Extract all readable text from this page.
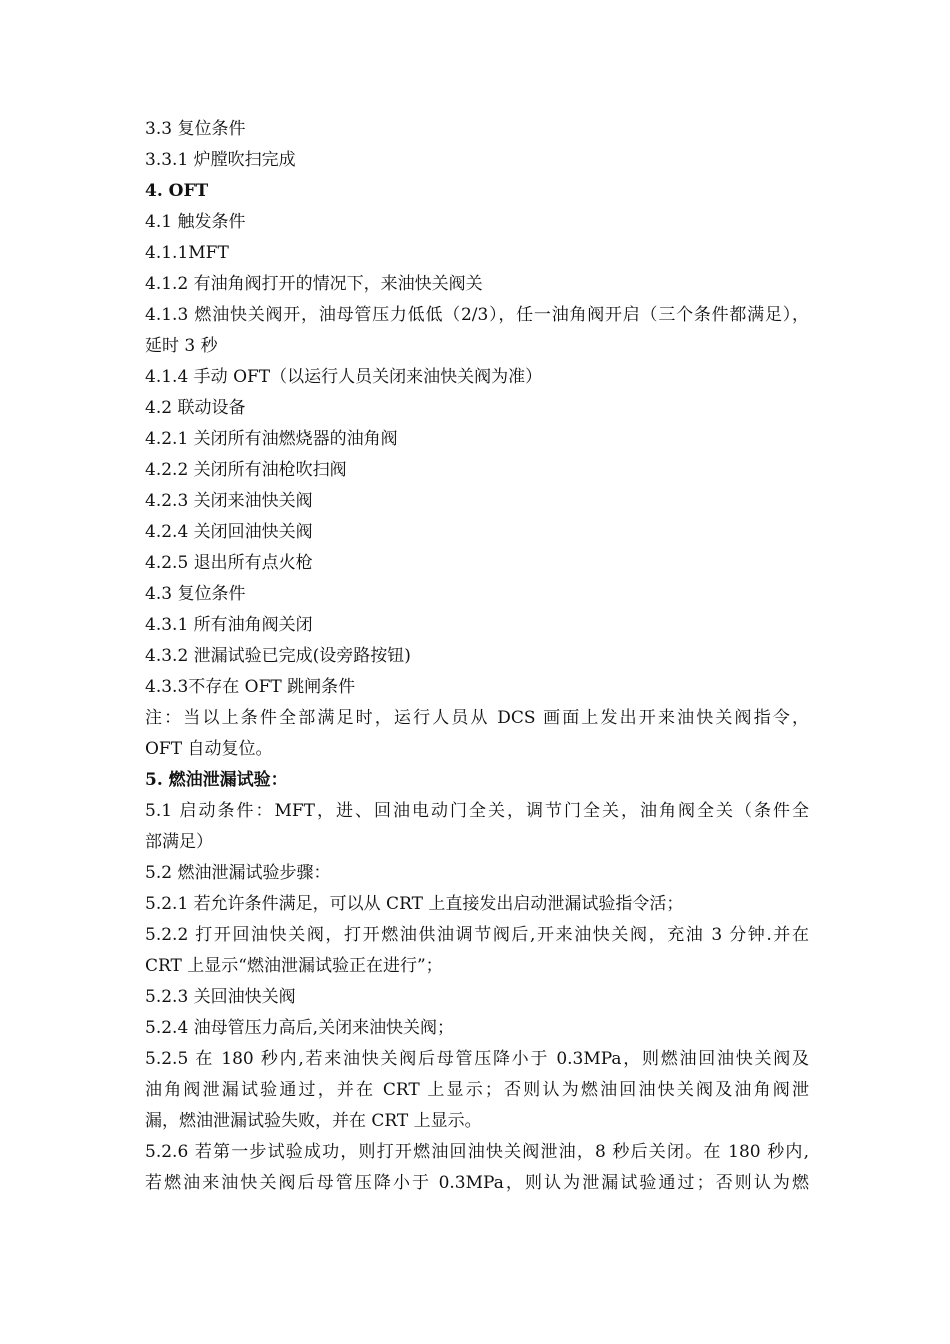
3.3 复位条件
3.3.1 炉膛吹扫完成
4. OFT
4.1 触发条件
4.1.1MFT
4.1.2 有油角阀打开的情况下，来油快关阀关
4.1.3 燃油快关阀开，油母管压力低低（2/3），任一油角阀开启（三个条件都满足），
延时 3 秒
4.1.4 手动 OFT（以运行人员关闭来油快关阀为准）
4.2 联动设备
4.2.1 关闭所有油燃烧器的油角阀
4.2.2 关闭所有油枪吹扫阀
4.2.3 关闭来油快关阀
4.2.4 关闭回油快关阀
4.2.5 退出所有点火枪
4.3 复位条件
4.3.1 所有油角阀关闭
4.3.2 泄漏试验已完成(设旁路按钮)
4.3.3不存在 OFT 跳闸条件
注：当以上条件全部满足时，运行人员从 DCS 画面上发出开来油快关阀指令，
OFT 自动复位。
5. 燃油泄漏试验：
5.1 启动条件：MFT，进、回油电动门全关，调节门全关，油角阀全关（条件全
部满足）
5.2 燃油泄漏试验步骤：
5.2.1 若允许条件满足，可以从 CRT 上直接发出启动泄漏试验指令活；
5.2.2 打开回油快关阀，打开燃油供油调节阀后,开来油快关阀，充油 3 分钟.并在
CRT 上显示“燃油泄漏试验正在进行”；
5.2.3 关回油快关阀
5.2.4 油母管压力高后,关闭来油快关阀；
5.2.5 在 180 秒内,若来油快关阀后母管压降小于 0.3MPa，则燃油回油快关阀及
油角阀泄漏试验通过，并在 CRT 上显示；否则认为燃油回油快关阀及油角阀泄
漏，燃油泄漏试验失败，并在 CRT 上显示。
5.2.6 若第一步试验成功，则打开燃油回油快关阀泄油，8 秒后关闭。在 180 秒内,
若燃油来油快关阀后母管压降小于 0.3MPa，则认为泄漏试验通过；否则认为燃
